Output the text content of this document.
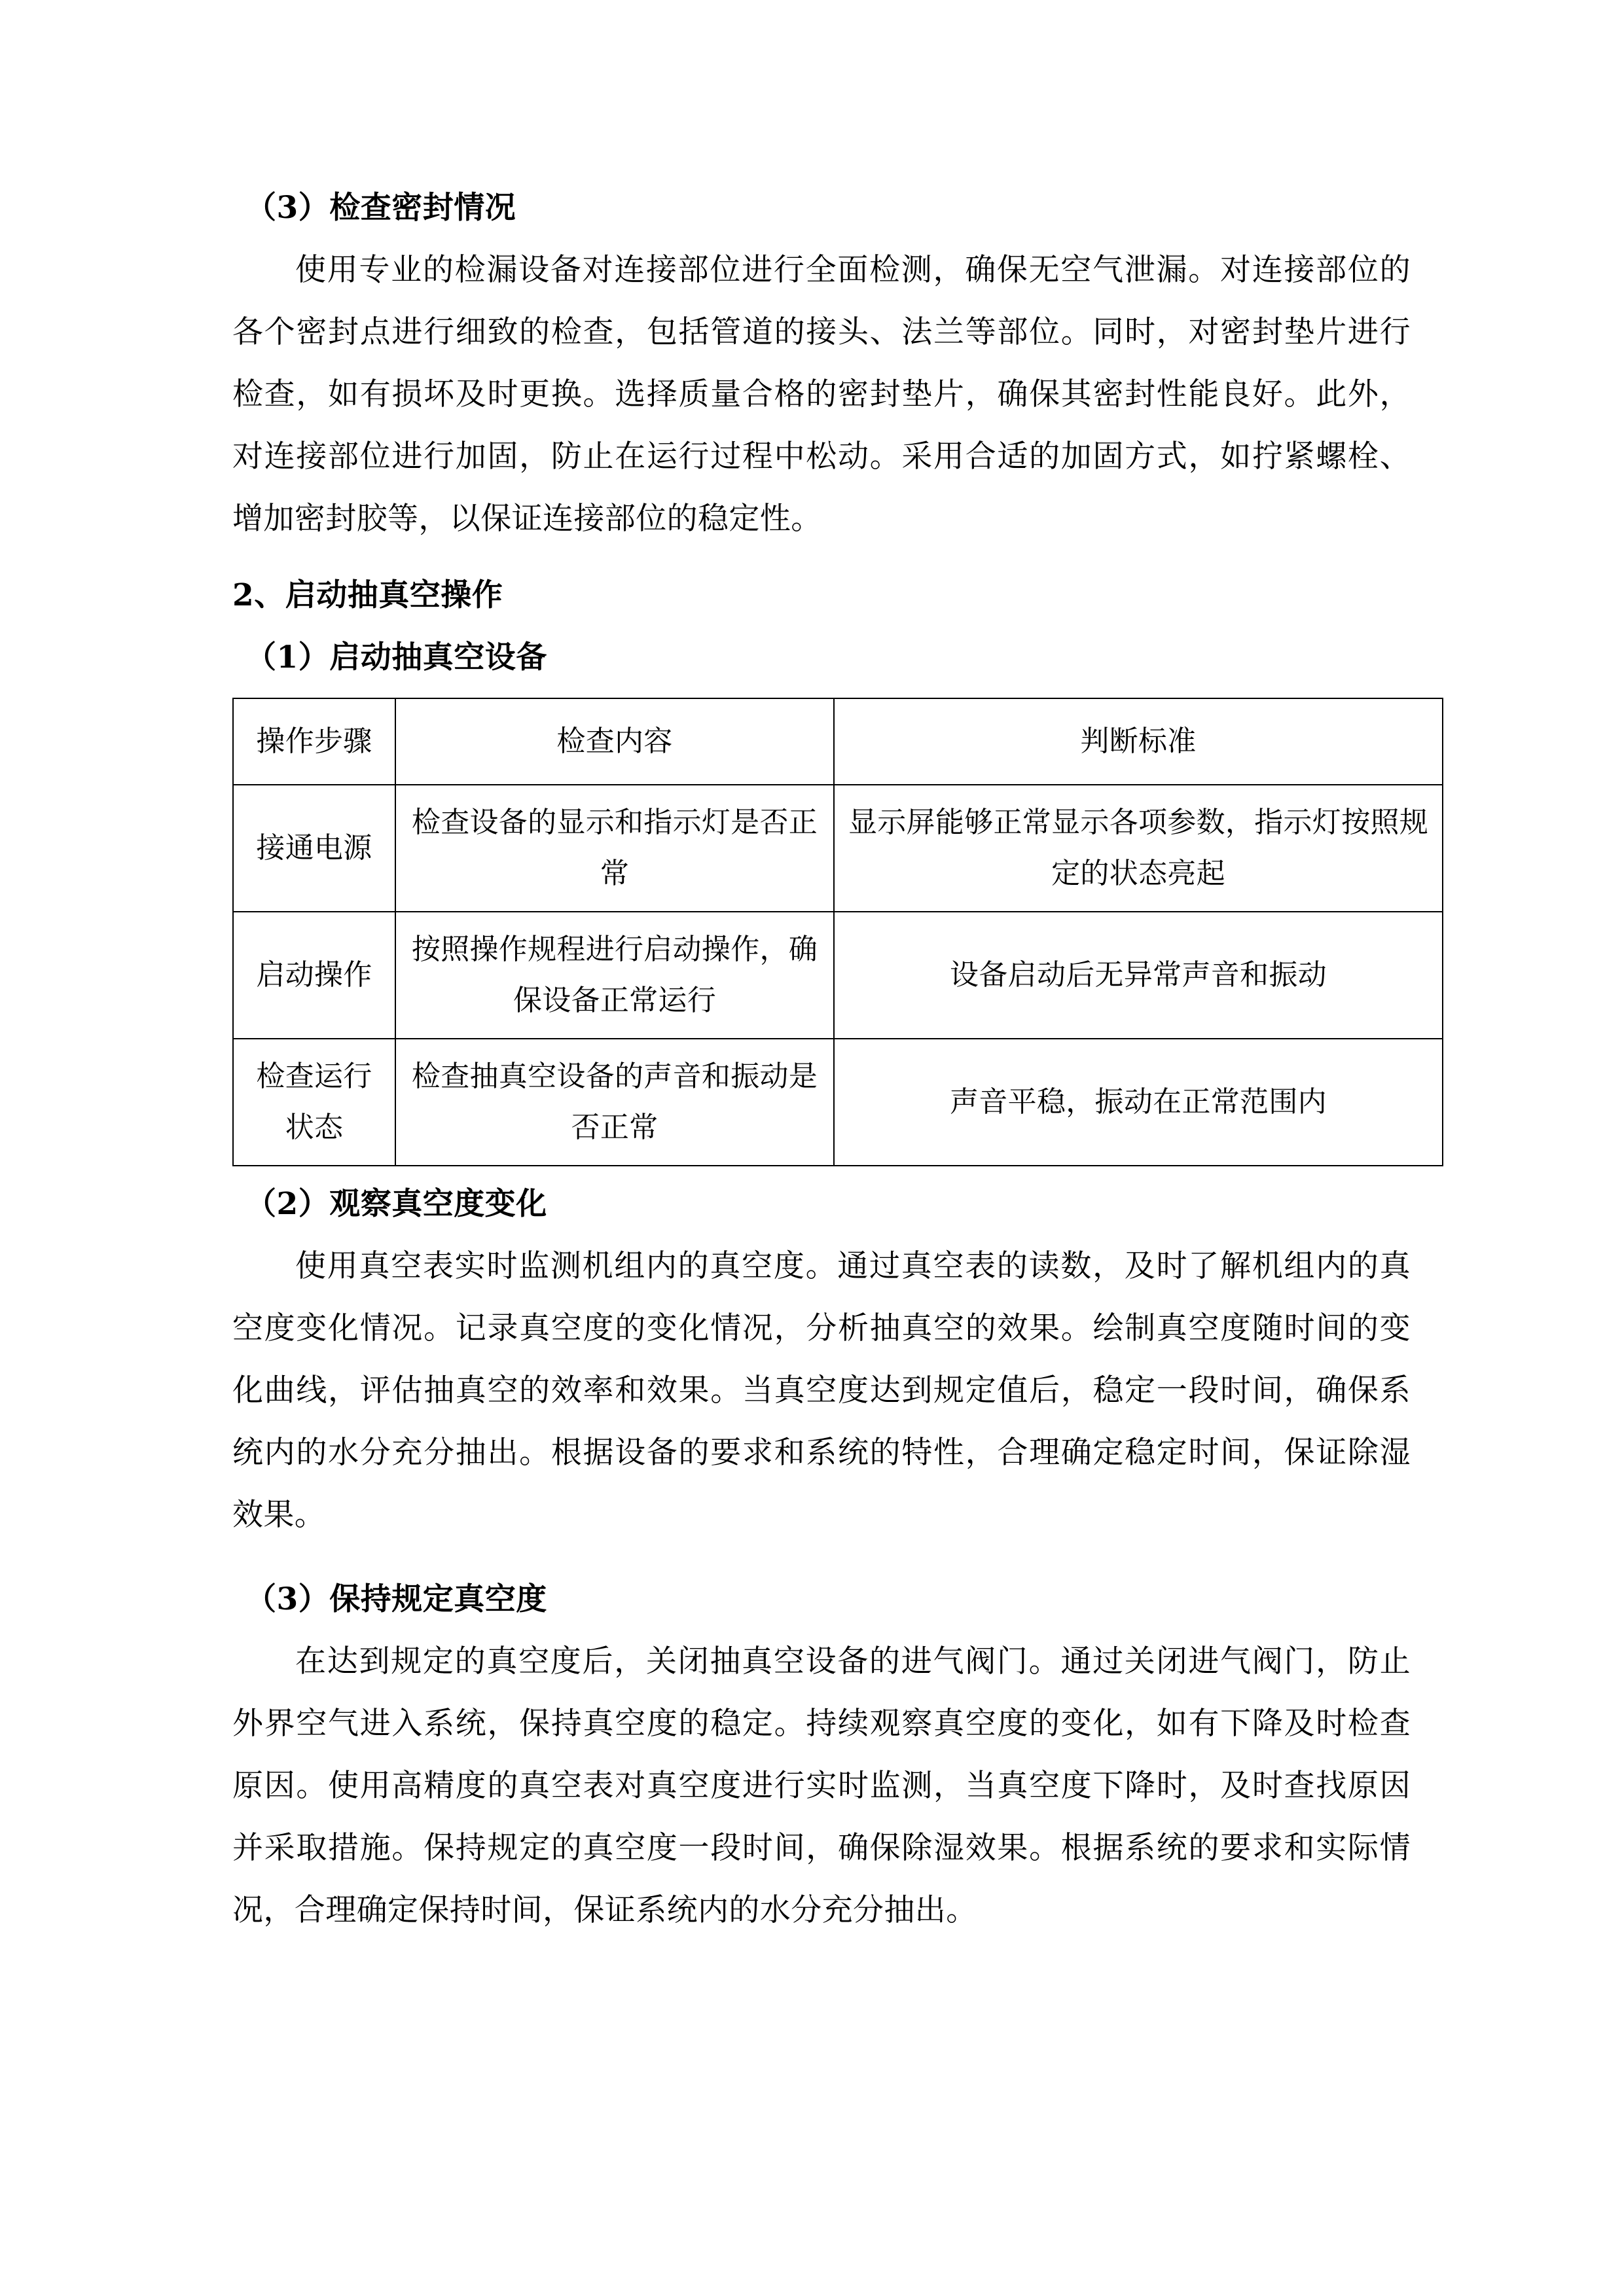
（3）检查密封情况

使用专业的检漏设备对连接部位进行全面检测，确保无空气泄漏。对连接部位的各个密封点进行细致的检查，包括管道的接头、法兰等部位。同时，对密封垫片进行检查，如有损坏及时更换。选择质量合格的密封垫片，确保其密封性能良好。此外，对连接部位进行加固，防止在运行过程中松动。采用合适的加固方式，如拧紧螺栓、增加密封胶等，以保证连接部位的稳定性。

2、启动抽真空操作
（1）启动抽真空设备
操作步骤	检查内容	判断标准
接通电源	检查设备的显示和指示灯是否正常	显示屏能够正常显示各项参数，指示灯按照规定的状态亮起
启动操作	按照操作规程进行启动操作，确保设备正常运行	设备启动后无异常声音和振动
检查运行状态	检查抽真空设备的声音和振动是否正常	声音平稳，振动在正常范围内
（2）观察真空度变化

使用真空表实时监测机组内的真空度。通过真空表的读数，及时了解机组内的真空度变化情况。记录真空度的变化情况，分析抽真空的效果。绘制真空度随时间的变化曲线，评估抽真空的效率和效果。当真空度达到规定值后，稳定一段时间，确保系统内的水分充分抽出。根据设备的要求和系统的特性，合理确定稳定时间，保证除湿效果。

（3）保持规定真空度

在达到规定的真空度后，关闭抽真空设备的进气阀门。通过关闭进气阀门，防止外界空气进入系统，保持真空度的稳定。持续观察真空度的变化，如有下降及时检查原因。使用高精度的真空表对真空度进行实时监测，当真空度下降时，及时查找原因并采取措施。保持规定的真空度一段时间，确保除湿效果。根据系统的要求和实际情况，合理确定保持时间，保证系统内的水分充分抽出。
